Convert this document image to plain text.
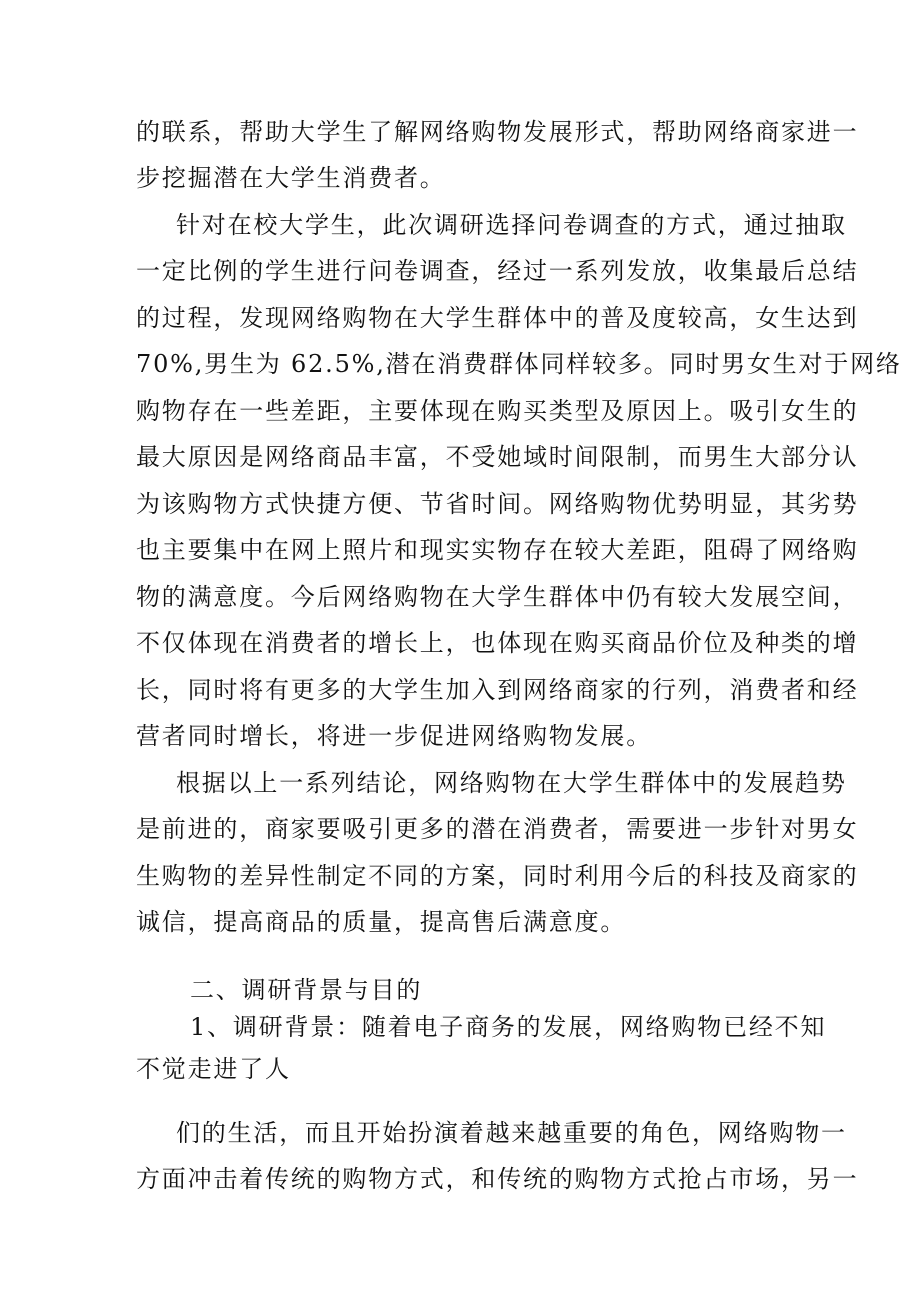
的联系，帮助大学生了解网络购物发展形式，帮助网络商家进一
步挖掘潜在大学生消费者。
针对在校大学生，此次调研选择问卷调查的方式，通过抽取
一定比例的学生进行问卷调查，经过一系列发放，收集最后总结
的过程，发现网络购物在大学生群体中的普及度较高，女生达到
70%,男生为 62.5%,潜在消费群体同样较多。同时男女生对于网络
购物存在一些差距，主要体现在购买类型及原因上。吸引女生的
最大原因是网络商品丰富，不受她域时间限制，而男生大部分认
为该购物方式快捷方便、节省时间。网络购物优势明显，其劣势
也主要集中在网上照片和现实实物存在较大差距，阻碍了网络购
物的满意度。今后网络购物在大学生群体中仍有较大发展空间，
不仅体现在消费者的增长上，也体现在购买商品价位及种类的增
长，同时将有更多的大学生加入到网络商家的行列，消费者和经
营者同时增长，将进一步促进网络购物发展。
根据以上一系列结论，网络购物在大学生群体中的发展趋势
是前进的，商家要吸引更多的潜在消费者，需要进一步针对男女
生购物的差异性制定不同的方案，同时利用今后的科技及商家的
诚信，提高商品的质量，提高售后满意度。
二、调研背景与目的
1、调研背景：随着电子商务的发展，网络购物已经不知
不觉走进了人
们的生活，而且开始扮演着越来越重要的角色，网络购物一
方面冲击着传统的购物方式，和传统的购物方式抢占市场，另一
